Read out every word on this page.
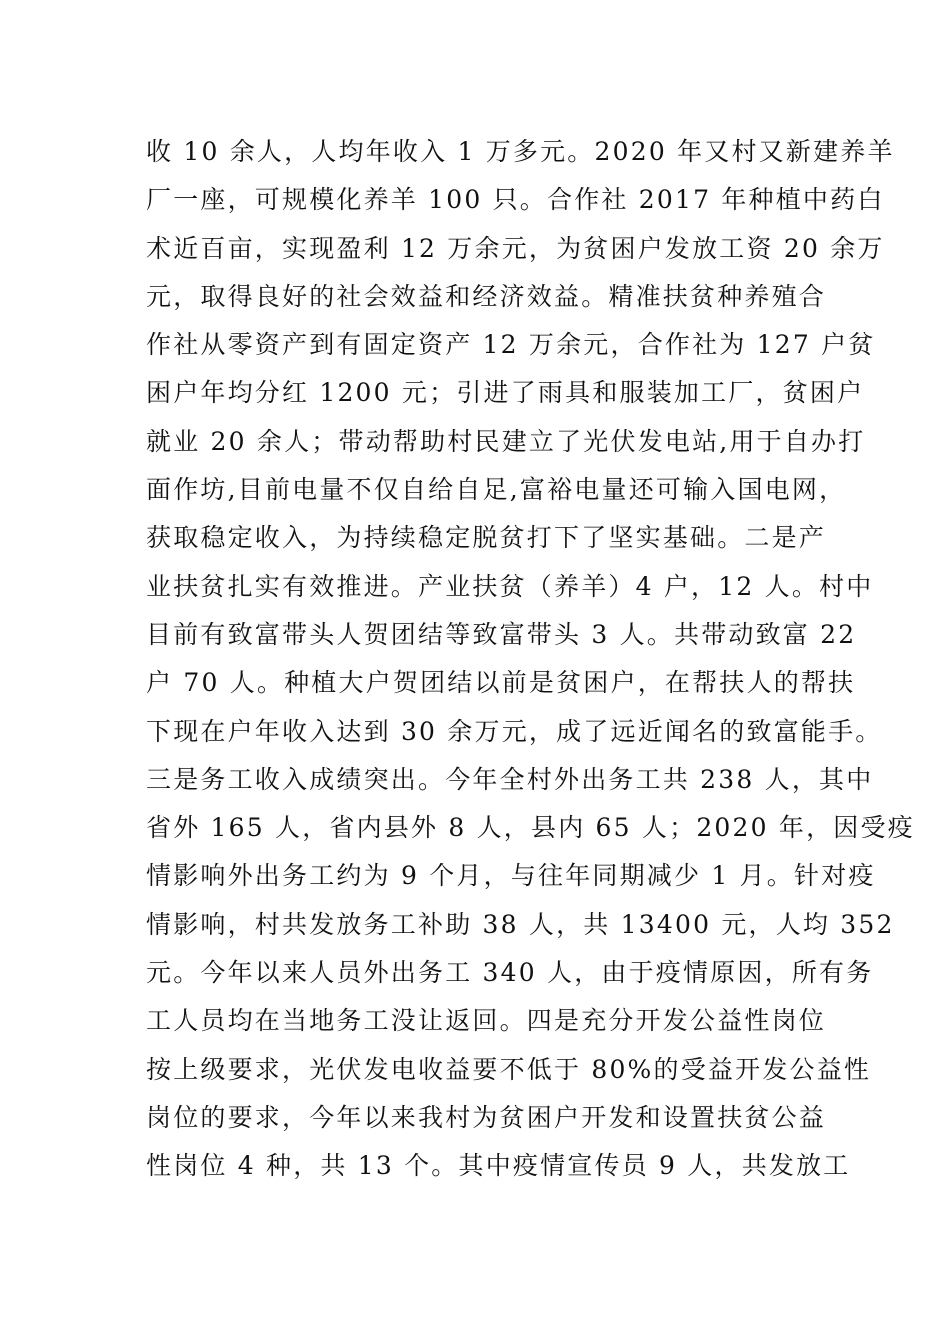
收 10 余人，人均年收入 1 万多元。2020 年又村又新建养羊
厂一座，可规模化养羊 100 只。合作社 2017 年种植中药白
术近百亩，实现盈利 12 万余元，为贫困户发放工资 20 余万
元，取得良好的社会效益和经济效益。精准扶贫种养殖合
作社从零资产到有固定资产 12 万余元，合作社为 127 户贫
困户年均分红 1200 元；引进了雨具和服装加工厂，贫困户
就业 20 余人；带动帮助村民建立了光伏发电站,用于自办打
面作坊,目前电量不仅自给自足,富裕电量还可输入国电网，
获取稳定收入，为持续稳定脱贫打下了坚实基础。二是产
业扶贫扎实有效推进。产业扶贫（养羊）4 户，12 人。村中
目前有致富带头人贺团结等致富带头 3 人。共带动致富 22
户 70 人。种植大户贺团结以前是贫困户，在帮扶人的帮扶
下现在户年收入达到 30 余万元，成了远近闻名的致富能手。
三是务工收入成绩突出。今年全村外出务工共 238 人，其中
省外 165 人，省内县外 8 人，县内 65 人；2020 年，因受疫
情影响外出务工约为 9 个月，与往年同期减少 1 月。针对疫
情影响，村共发放务工补助 38 人，共 13400 元，人均 352
元。今年以来人员外出务工 340 人，由于疫情原因，所有务
工人员均在当地务工没让返回。四是充分开发公益性岗位
按上级要求，光伏发电收益要不低于 80%的受益开发公益性
岗位的要求，今年以来我村为贫困户开发和设置扶贫公益
性岗位 4 种，共 13 个。其中疫情宣传员 9 人，共发放工
